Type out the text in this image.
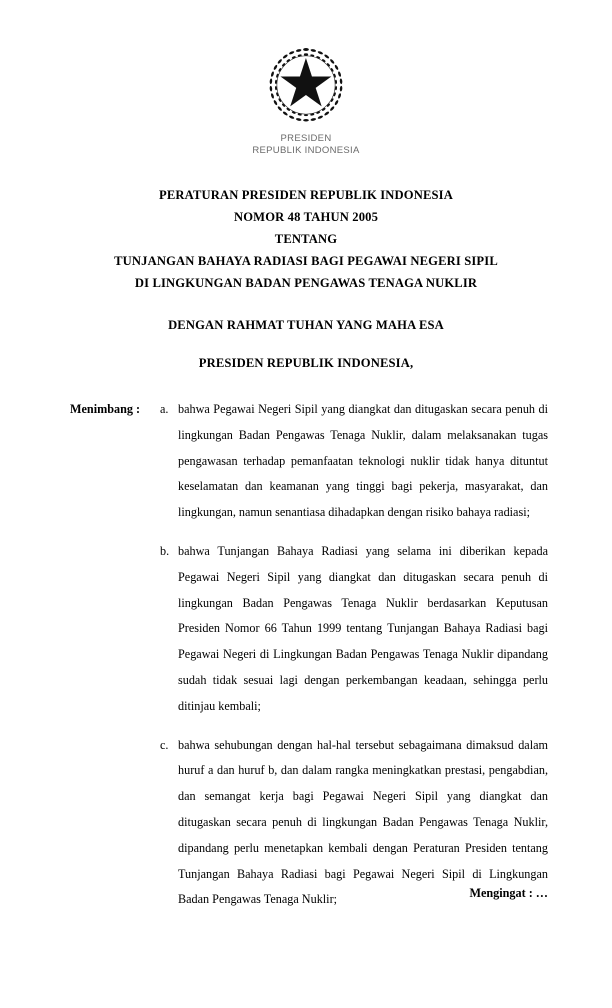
PRESIDEN
REPUBLIK INDONESIA
PERATURAN PRESIDEN REPUBLIK INDONESIA
NOMOR 48 TAHUN 2005
TENTANG
TUNJANGAN BAHAYA RADIASI BAGI PEGAWAI NEGERI SIPIL
DI LINGKUNGAN BADAN PENGAWAS TENAGA NUKLIR
DENGAN RAHMAT TUHAN YANG MAHA ESA
PRESIDEN REPUBLIK INDONESIA,
Menimbang :	a. bahwa Pegawai Negeri Sipil yang diangkat dan ditugaskan secara penuh di lingkungan Badan Pengawas Tenaga Nuklir, dalam melaksanakan tugas pengawasan terhadap pemanfaatan teknologi nuklir tidak hanya dituntut keselamatan dan keamanan yang tinggi bagi pekerja, masyarakat, dan lingkungan, namun senantiasa dihadapkan dengan risiko bahaya radiasi;
b. bahwa Tunjangan Bahaya Radiasi yang selama ini diberikan kepada Pegawai Negeri Sipil yang diangkat dan ditugaskan secara penuh di lingkungan Badan Pengawas Tenaga Nuklir berdasarkan Keputusan Presiden Nomor 66 Tahun 1999 tentang Tunjangan Bahaya Radiasi bagi Pegawai Negeri di Lingkungan Badan Pengawas Tenaga Nuklir dipandang sudah tidak sesuai lagi dengan perkembangan keadaan, sehingga perlu ditinjau kembali;
c. bahwa sehubungan dengan hal-hal tersebut sebagaimana dimaksud dalam huruf a dan huruf b, dan dalam rangka meningkatkan prestasi, pengabdian, dan semangat kerja bagi Pegawai Negeri Sipil yang diangkat dan ditugaskan secara penuh di lingkungan Badan Pengawas Tenaga Nuklir, dipandang perlu menetapkan kembali dengan Peraturan Presiden tentang Tunjangan Bahaya Radiasi bagi Pegawai Negeri Sipil di Lingkungan Badan Pengawas Tenaga Nuklir;	Mengingat : …
